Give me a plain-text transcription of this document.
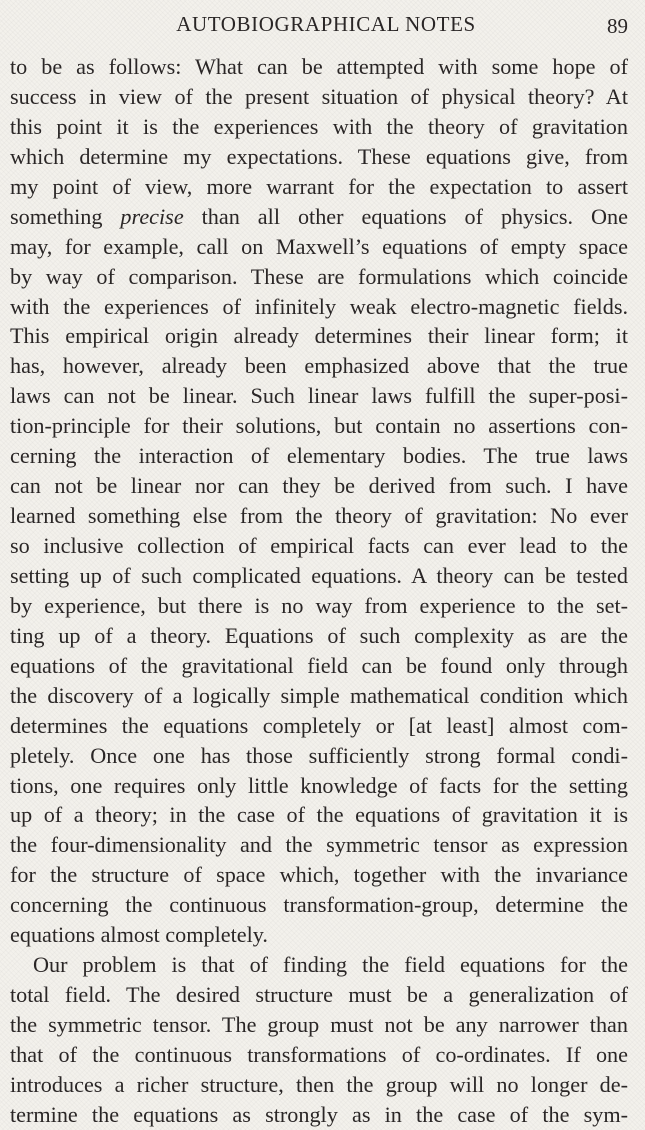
AUTOBIOGRAPHICAL NOTES	89
to be as follows: What can be attempted with some hope of
success in view of the present situation of physical theory? At
this point it is the experiences with the theory of gravitation
which determine my expectations. These equations give, from
my point of view, more warrant for the expectation to assert
something precise than all other equations of physics. One
may, for example, call on Maxwell’s equations of empty space
by way of comparison. These are formulations which coincide
with the experiences of infinitely weak electro-magnetic fields.
This empirical origin already determines their linear form; it
has, however, already been emphasized above that the true
laws can not be linear. Such linear laws fulfill the super-posi-
tion-principle for their solutions, but contain no assertions con-
cerning the interaction of elementary bodies. The true laws
can not be linear nor can they be derived from such. I have
learned something else from the theory of gravitation: No ever
so inclusive collection of empirical facts can ever lead to the
setting up of such complicated equations. A theory can be tested
by experience, but there is no way from experience to the set-
ting up of a theory. Equations of such complexity as are the
equations of the gravitational field can be found only through
the discovery of a logically simple mathematical condition which
determines the equations completely or [at least] almost com-
pletely. Once one has those sufficiently strong formal condi-
tions, one requires only little knowledge of facts for the setting
up of a theory; in the case of the equations of gravitation it is
the four-dimensionality and the symmetric tensor as expression
for the structure of space which, together with the invariance
concerning the continuous transformation-group, determine the
equations almost completely.
Our problem is that of finding the field equations for the
total field. The desired structure must be a generalization of
the symmetric tensor. The group must not be any narrower than
that of the continuous transformations of co-ordinates. If one
introduces a richer structure, then the group will no longer de-
termine the equations as strongly as in the case of the sym-
